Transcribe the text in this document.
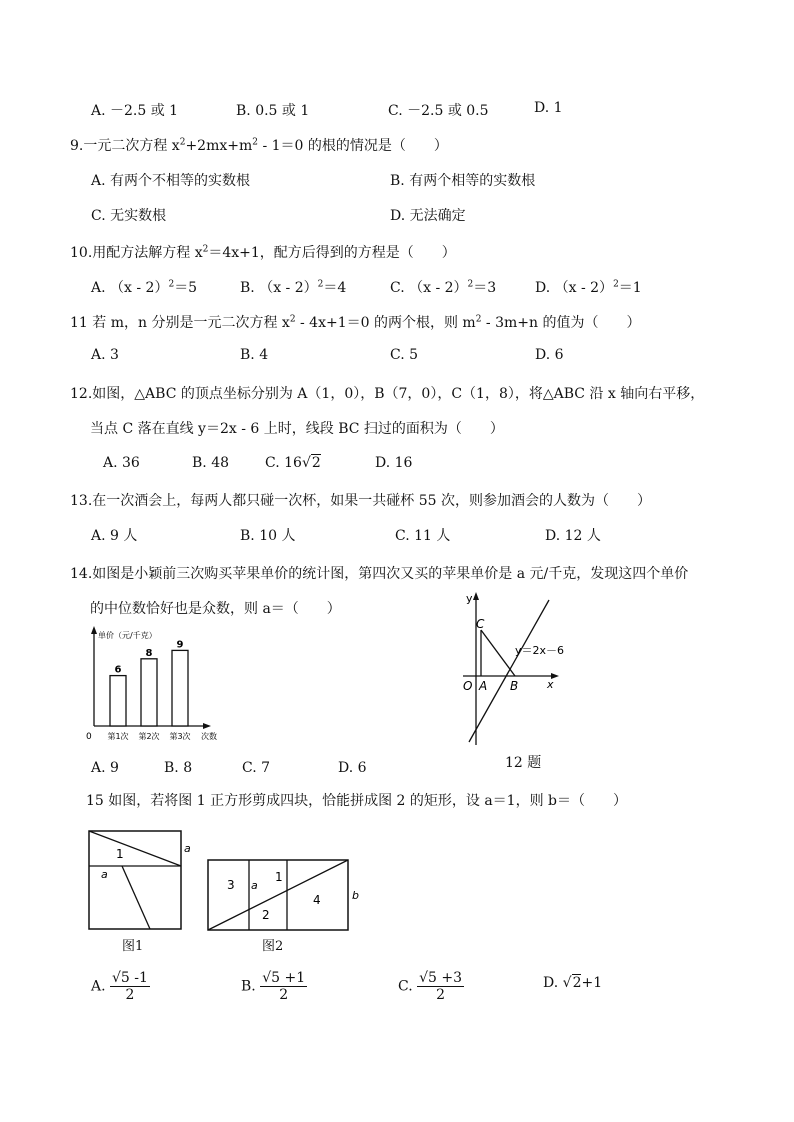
A. －2.5 或 1	B. 0.5 或 1	C. －2.5 或 0.5	D. 1
9.一元二次方程 $x^2+2mx+m^2 - 1=0$ 的根的情况是（　　）
A. 有两个不相等的实数根	B. 有两个相等的实数根
C. 无实数根	D. 无法确定
10.用配方法解方程 $x^2=4x+1$，配方后得到的方程是（　　）
A. （x - 2）$^2$＝5	B. （x - 2）$^2$＝4	C. （x - 2）$^2$＝3	D. （x - 2）$^2$＝1
11 若 m，n 分别是一元二次方程 $x^2 - 4x+1=0$ 的两个根，则 $m^2 - 3m+n$ 的值为（　　）
A. 3	B. 4	C. 5	D. 6
12.如图，△ABC 的顶点坐标分别为 A（1，0），B（7，0），C（1，8），将△ABC 沿 x 轴向右平移，
当点 C 落在直线 y＝2x - 6 上时，线段 BC 扫过的面积为（　　）
A. 36	B. 48	C. 16√2	D. 16
13.在一次酒会上，每两人都只碰一次杯，如果一共碰杯 55 次，则参加酒会的人数为（　　）
A. 9 人	B. 10 人	C. 11 人	D. 12 人
14.如图是小颖前三次购买苹果单价的统计图，第四次又买的苹果单价是 a 元/千克，发现这四个单价
的中位数恰好也是众数，则 a＝（　　）
单价（元/千克）
次数
0
6
第1次
8
第2次
9
第3次
y
x
O A B
C
y＝2x－6
12 题
A. 9	B. 8	C. 7	D. 6
15 如图，若将图 1 正方形剪成四块，恰能拼成图 2 的矩形，设 a＝1，则 b＝（　　）
1
a
a
图1
3 a
1
4
2
b
图2
A. $\frac{√5 -1}{2}$	B. $\frac{√5 +1}{2}$	C. $\frac{√5 +3}{2}$	D. √2+1
